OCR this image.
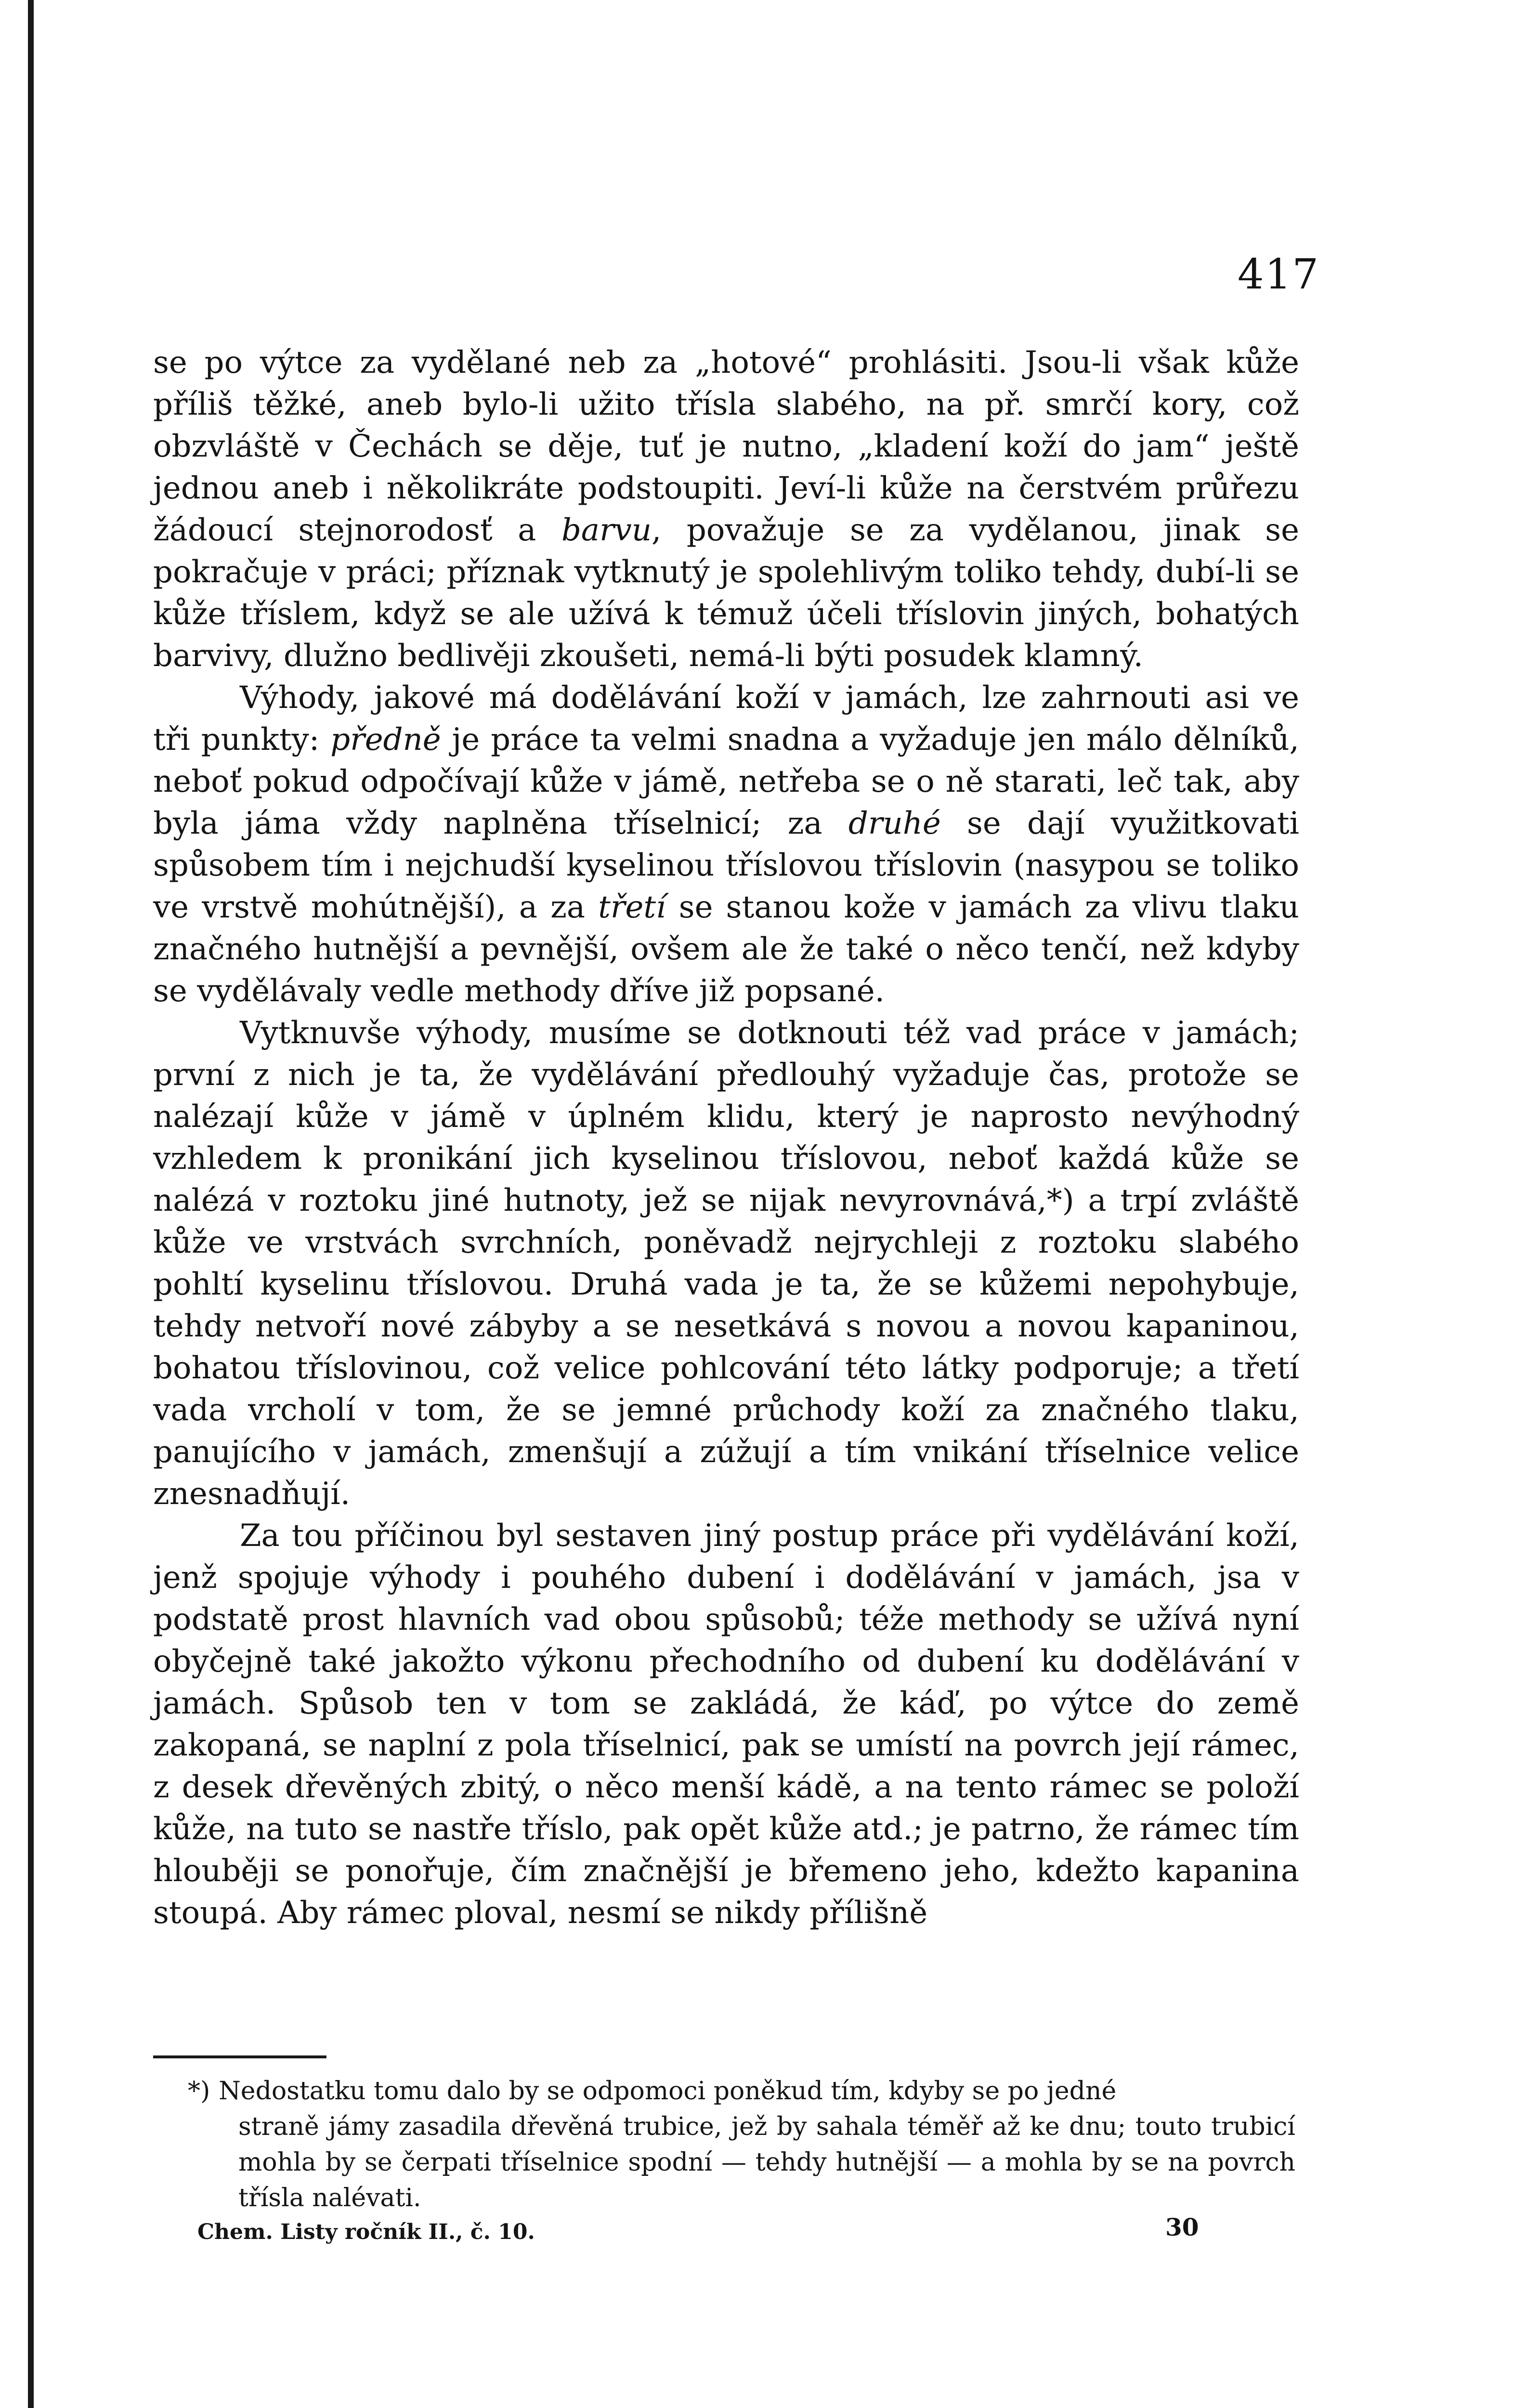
417

se po výtce za vydělané neb za „hotové“ prohlásiti. Jsou-li však kůže příliš těžké, aneb bylo-li užito třísla slabého, na př. smrčí kory, což obzvláště v Čechách se děje, tuť je nutno, „kladení koží do jam“ ještě jednou aneb i několikráte podstoupiti. Jeví-li kůže na čerstvém průřezu žádoucí stejnorodosť a barvu, považuje se za vydělanou, jinak se pokračuje v práci; příznak vytknutý je spolehlivým toliko tehdy, dubí-li se kůže tříslem, když se ale užívá k témuž účeli tříslovin jiných, bohatých barvivy, dlužno bedlivěji zkoušeti, nemá-li býti posudek klamný.

Výhody, jakové má dodělávání koží v jamách, lze zahrnouti asi ve tři punkty: předně je práce ta velmi snadna a vyžaduje jen málo dělníků, neboť pokud odpočívají kůže v jámě, netřeba se o ně starati, leč tak, aby byla jáma vždy naplněna tříselnicí; za druhé se dají využitkovati spůsobem tím i nejchudší kyselinou tříslovou tříslovin (nasypou se toliko ve vrstvě mohútnější), a za třetí se stanou kože v jamách za vlivu tlaku značného hutnější a pevnější, ovšem ale že také o něco tenčí, než kdyby se vydělávaly vedle methody dříve již popsané.

Vytknuvše výhody, musíme se dotknouti též vad práce v jamách; první z nich je ta, že vydělávání předlouhý vyžaduje čas, protože se nalézají kůže v jámě v úplném klidu, který je naprosto nevýhodný vzhledem k pronikání jich kyselinou tříslovou, neboť každá kůže se nalézá v roztoku jiné hutnoty, jež se nijak nevyrovnává,*) a trpí zvláště kůže ve vrstvách svrchních, poněvadž nejrychleji z roztoku slabého pohltí kyselinu tříslovou. Druhá vada je ta, že se kůžemi nepohybuje, tehdy netvoří nové zábyby a se nesetkává s novou a novou kapaninou, bohatou tříslovinou, což velice pohlcování této látky podporuje; a třetí vada vrcholí v tom, že se jemné průchody koží za značného tlaku, panujícího v jamách, zmenšují a zúžují a tím vnikání tříselnice velice znesnadňují.

Za tou příčinou byl sestaven jiný postup práce při vydělávání koží, jenž spojuje výhody i pouhého dubení i dodělávání v jamách, jsa v podstatě prost hlavních vad obou spůsobů; téže methody se užívá nyní obyčejně také jakožto výkonu přechodního od dubení ku dodělávání v jamách. Spůsob ten v tom se zakládá, že káď, po výtce do země zakopaná, se naplní z pola tříselnicí, pak se umístí na povrch její rámec, z desek dřevěných zbitý, o něco menší kádě, a na tento rámec se položí kůže, na tuto se nastře tříslo, pak opět kůže atd.; je patrno, že rámec tím hlouběji se ponořuje, čím značnější je břemeno jeho, kdežto kapanina stoupá. Aby rámec ploval, nesmí se nikdy přílišně

*) Nedostatku tomu dalo by se odpomoci poněkud tím, kdyby se po jedné
straně jámy zasadila dřevěná trubice, jež by sahala téměř až ke dnu; touto trubicí mohla by se čerpati tříselnice spodní — tehdy hutnější — a mohla by se na povrch třísla nalévati.
Chem. Listy ročník II., č. 10.	30
